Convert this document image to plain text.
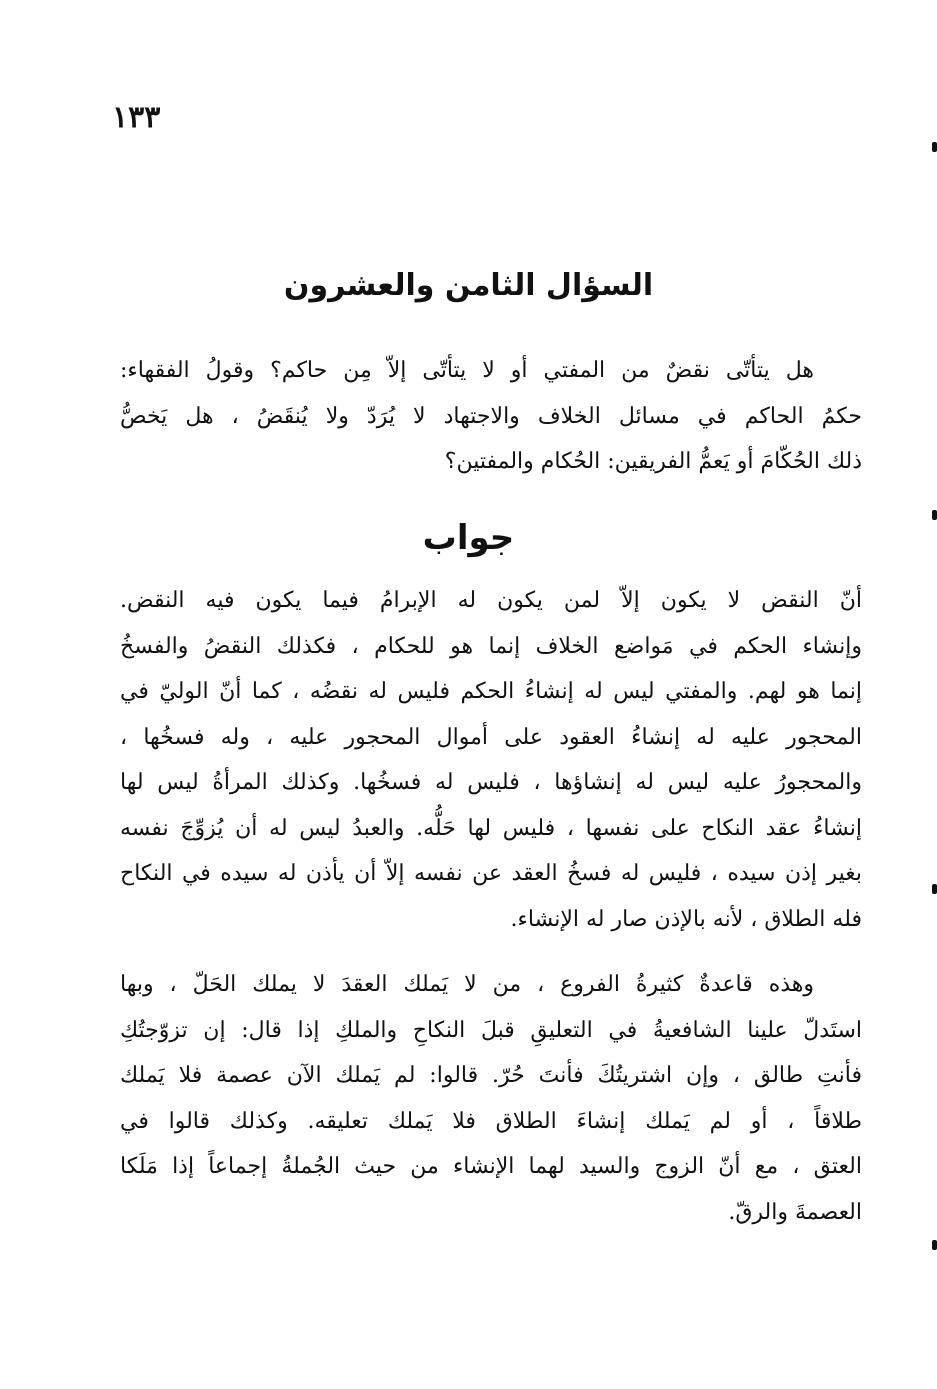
١٣٣
السؤال الثامن والعشرون
هل يتأتّى نقضٌ من المفتي أو لا يتأتّى إلاّ مِن حاكم؟ وقولُ الفقهاء:
حكمُ الحاكم في مسائل الخلاف والاجتهاد لا يُرَدّ ولا يُنقَضُ ، هل يَخصُّ
ذلك الحُكّامَ أو يَعمُّ الفريقين: الحُكام والمفتين؟
جواب
أنّ النقض لا يكون إلاّ لمن يكون له الإبرامُ فيما يكون فيه النقض.
وإنشاء الحكم في مَواضع الخلاف إنما هو للحكام ، فكذلك النقضُ والفسخُ
إنما هو لهم. والمفتي ليس له إنشاءُ الحكم فليس له نقضُه ، كما أنّ الوليّ في
المحجور عليه له إنشاءُ العقود على أموال المحجور عليه ، وله فسخُها ،
والمحجورُ عليه ليس له إنشاؤها ، فليس له فسخُها. وكذلك المرأةُ ليس لها
إنشاءُ عقد النكاح على نفسها ، فليس لها حَلُّه. والعبدُ ليس له أن يُزوِّجَ نفسه
بغير إذن سيده ، فليس له فسخُ العقد عن نفسه إلاّ أن يأذن له سيده في النكاح
فله الطلاق ، لأنه بالإذن صار له الإنشاء.
وهذه قاعدةٌ كثيرةُ الفروع ، من لا يَملك العقدَ لا يملك الحَلّ ، وبها
استَدلّ علينا الشافعيةُ في التعليقِ قبلَ النكاحِ والملكِ إذا قال: إن تزوّجتُكِ
فأنتِ طالق ، وإن اشتريتُكَ فأنتَ حُرّ. قالوا: لم يَملك الآن عصمة فلا يَملك
طلاقاً ، أو لم يَملك إنشاءَ الطلاق فلا يَملك تعليقه. وكذلك قالوا في
العتق ، مع أنّ الزوج والسيد لهما الإنشاء من حيث الجُملةُ إجماعاً إذا مَلَكا
العصمةَ والرقّ.
